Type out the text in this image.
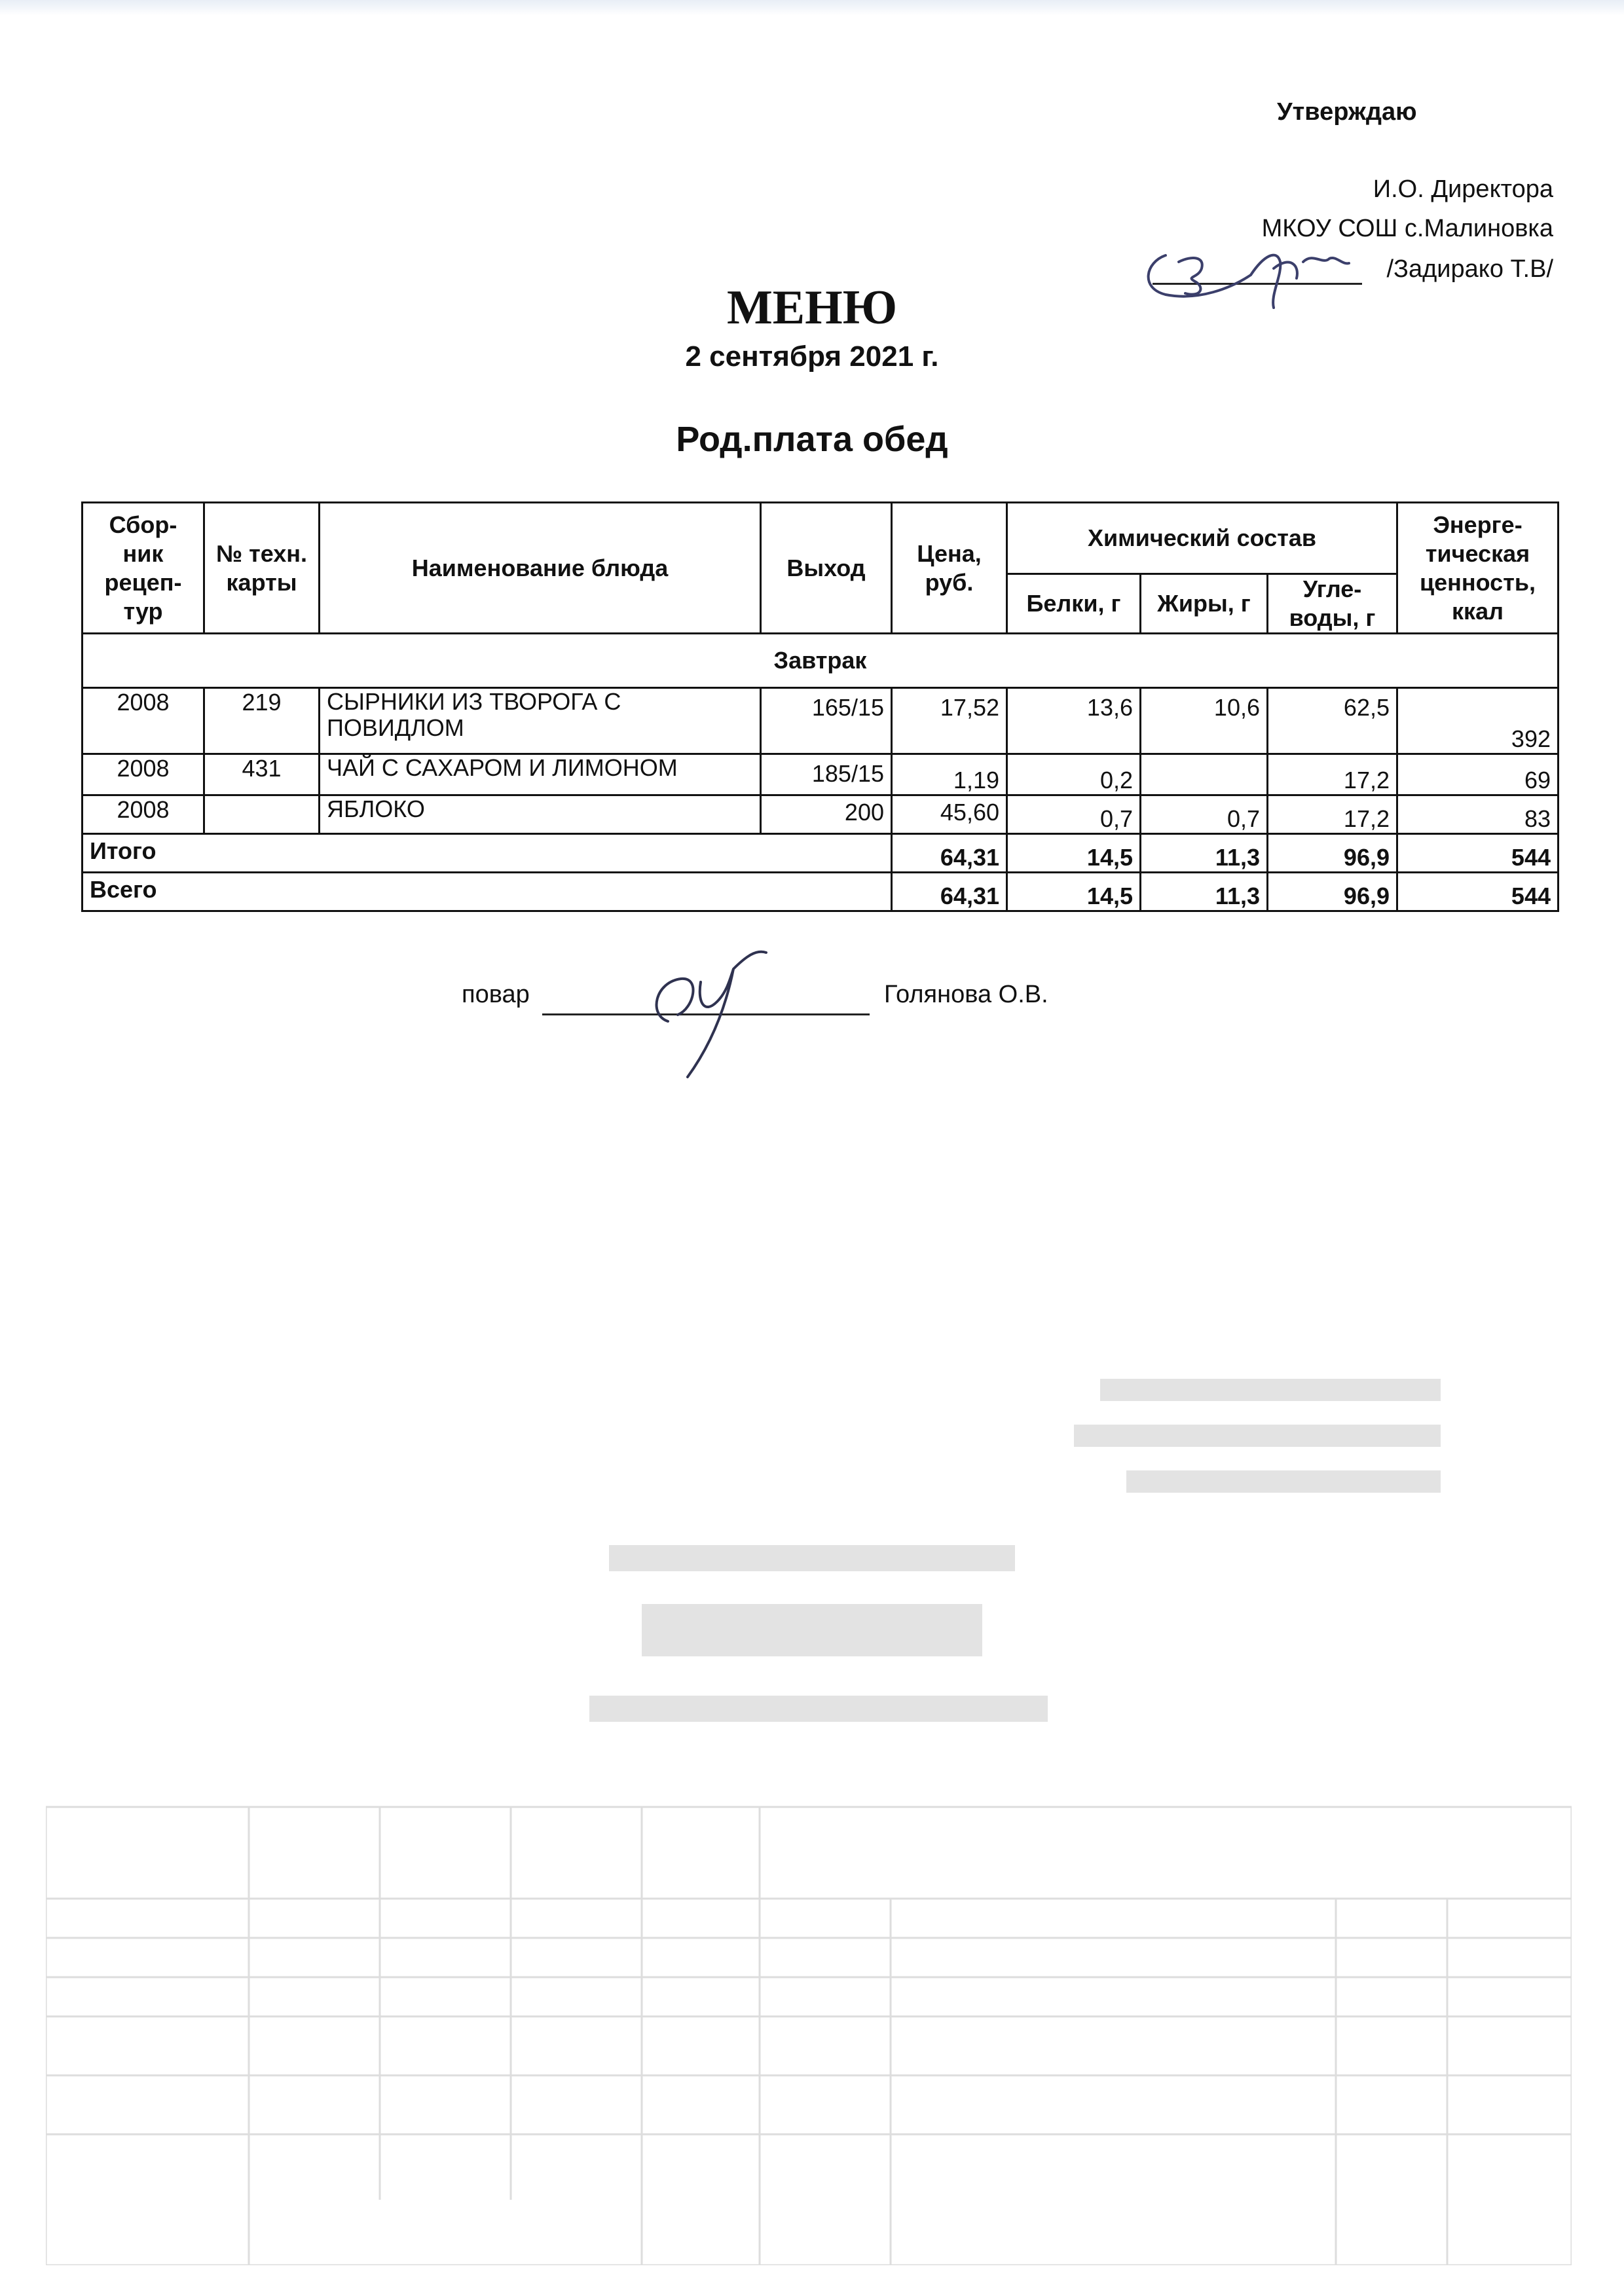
Утверждаю
И.О. Директора
МКОУ СОШ с.Малиновка
/Задирако Т.В/
МЕНЮ
2 сентября 2021 г.
Род.плата обед
Сбор-ник рецеп-тур	№ техн. карты	Наименование блюда	Выход	Цена, руб.	Химический состав			Энерге-тическая ценность, ккал
					Белки, г	Жиры, г	Угле-воды, г	
Завтрак								
2008	219	СЫРНИКИ ИЗ ТВОРОГА С ПОВИДЛОМ	165/15	17,52	13,6	10,6	62,5	392
2008	431	ЧАЙ С САХАРОМ И ЛИМОНОМ	185/15	1,19	0,2		17,2	69
2008		ЯБЛОКО	200	45,60	0,7	0,7	17,2	83
Итого				64,31	14,5	11,3	96,9	544
Всего				64,31	14,5	11,3	96,9	544
повар	Голянова О.В.
